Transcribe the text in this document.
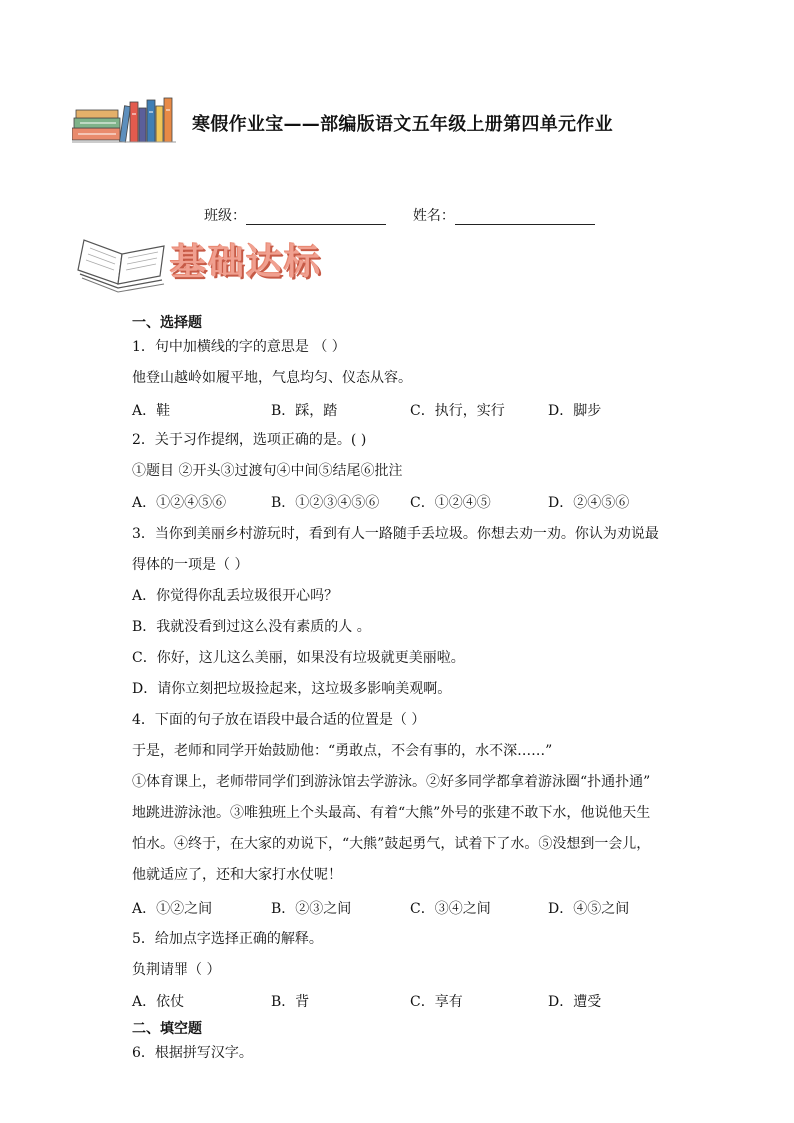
寒假作业宝——部编版语文五年级上册第四单元作业
班级：	姓名：
基础达标
一、选择题
1．句中加横线的字的意思是 （ ）
他登山越岭如履平地，气息均匀、仪态从容。
A．鞋	B．踩，踏	C．执行，实行	D．脚步
2．关于习作提纲，选项正确的是。( )
①题目 ②开头③过渡句④中间⑤结尾⑥批注
A．①②④⑤⑥	B．①②③④⑤⑥ C．①②④⑤	D．②④⑤⑥
3．当你到美丽乡村游玩时，看到有人一路随手丢垃圾。你想去劝一劝。你认为劝说最
得体的一项是（ ）
A．你觉得你乱丢垃圾很开心吗？
B．我就没看到过这么没有素质的人 。
C．你好，这儿这么美丽，如果没有垃圾就更美丽啦。
D．请你立刻把垃圾捡起来，这垃圾多影响美观啊。
4．下面的句子放在语段中最合适的位置是（ ）
于是，老师和同学开始鼓励他：“勇敢点，不会有事的，水不深……”
①体育课上，老师带同学们到游泳馆去学游泳。②好多同学都拿着游泳圈“扑通扑通”
地跳进游泳池。③唯独班上个头最高、有着“大熊”外号的张建不敢下水，他说他天生
怕水。④终于，在大家的劝说下，“大熊”鼓起勇气，试着下了水。⑤没想到一会儿，
他就适应了，还和大家打水仗呢！
A．①②之间	B．②③之间	C．③④之间	D．④⑤之间
5．给加点字选择正确的解释。
负荆请罪（ ）
A．依仗	B．背	C．享有	D．遭受
二、填空题
6．根据拼写汉字。
